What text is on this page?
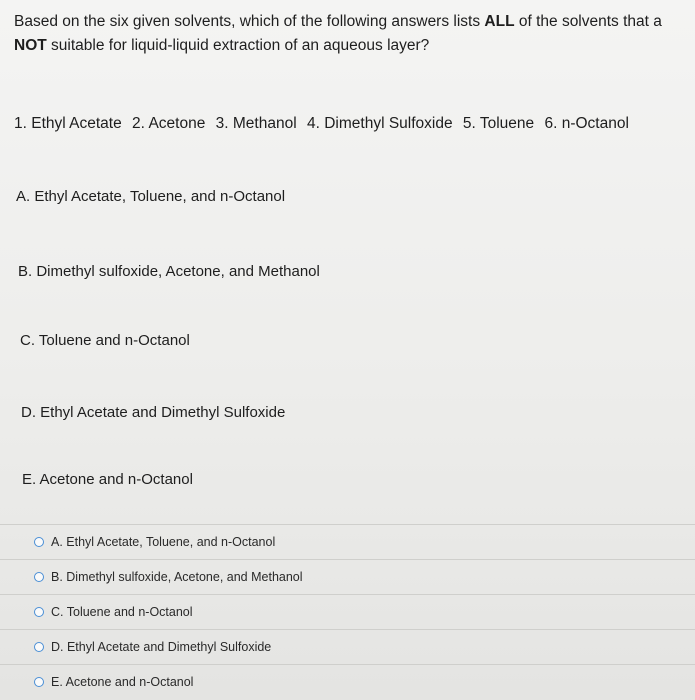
Based on the six given solvents, which of the following answers lists ALL of the solvents that a
NOT suitable for liquid-liquid extraction of an aqueous layer?
1. Ethyl Acetate 2. Acetone 3. Methanol 4. Dimethyl Sulfoxide 5. Toluene 6. n-Octanol
A. Ethyl Acetate, Toluene, and n-Octanol
B. Dimethyl sulfoxide, Acetone, and Methanol
C. Toluene and n-Octanol
D. Ethyl Acetate and Dimethyl Sulfoxide
E. Acetone and n-Octanol
A. Ethyl Acetate, Toluene, and n-Octanol
B. Dimethyl sulfoxide, Acetone, and Methanol
C. Toluene and n-Octanol
D. Ethyl Acetate and Dimethyl Sulfoxide
E. Acetone and n-Octanol
